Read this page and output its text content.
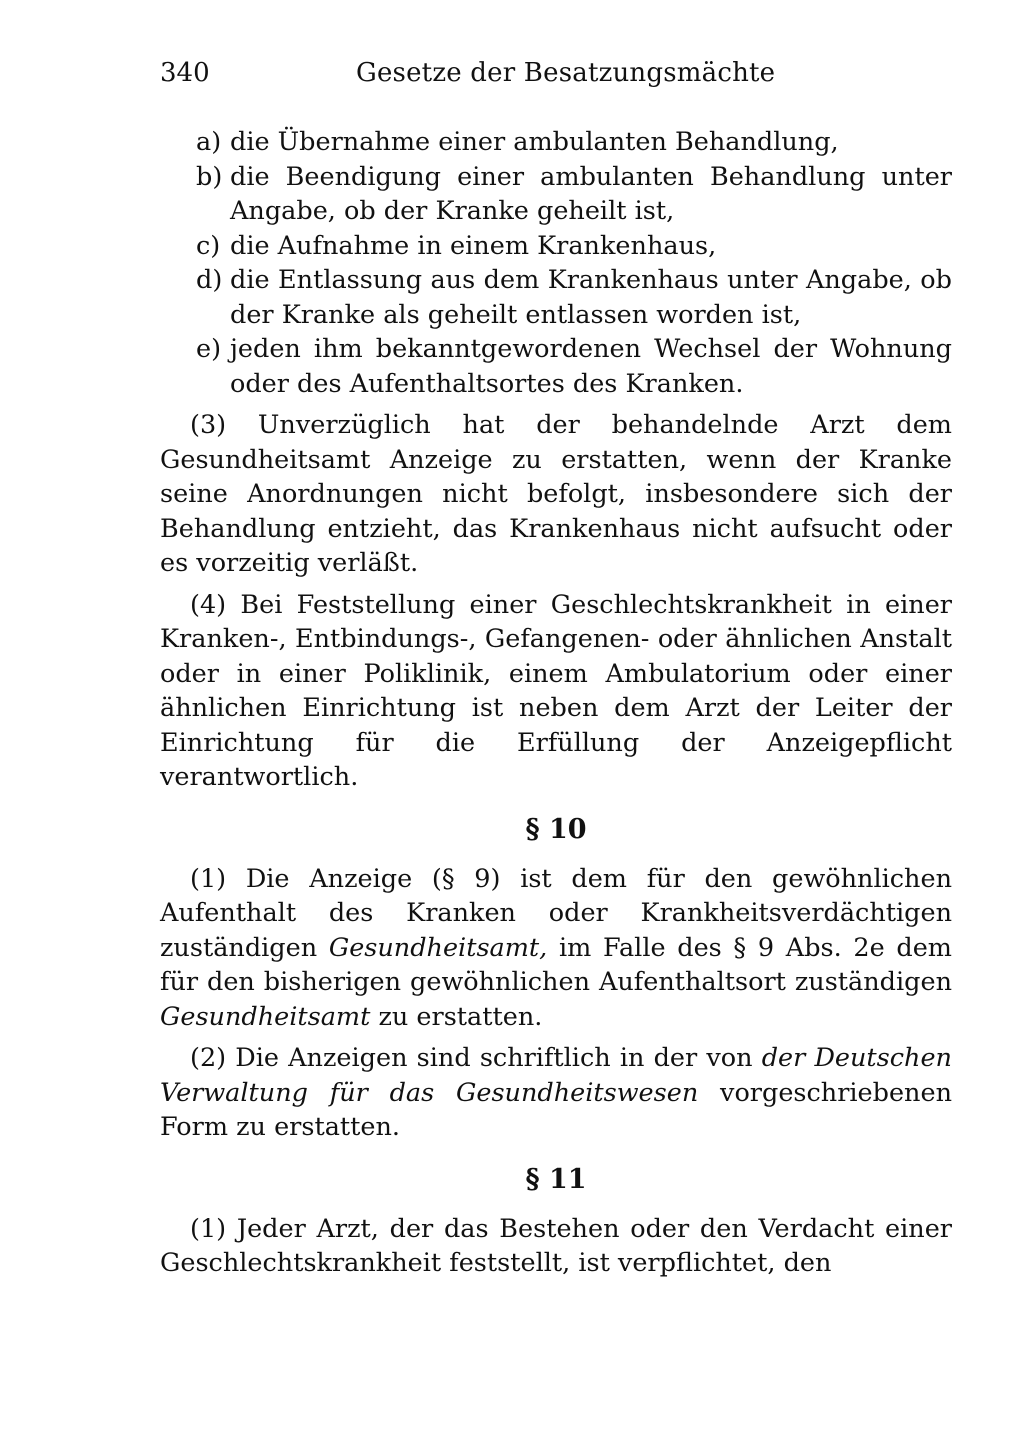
340	Gesetze der Besatzungsmächte
a) die Übernahme einer ambulanten Behandlung,
b) die Beendigung einer ambulanten Behandlung unter Angabe, ob der Kranke geheilt ist,
c) die Aufnahme in einem Krankenhaus,
d) die Entlassung aus dem Krankenhaus unter Angabe, ob der Kranke als geheilt entlassen worden ist,
e) jeden ihm bekanntgewordenen Wechsel der Wohnung oder des Aufenthaltsortes des Kranken.

(3) Unverzüglich hat der behandelnde Arzt dem Gesundheitsamt Anzeige zu erstatten, wenn der Kranke seine Anordnungen nicht befolgt, insbesondere sich der Behandlung entzieht, das Krankenhaus nicht aufsucht oder es vorzeitig verläßt.

(4) Bei Feststellung einer Geschlechtskrankheit in einer Kranken-, Entbindungs-, Gefangenen- oder ähnlichen Anstalt oder in einer Poliklinik, einem Ambulatorium oder einer ähnlichen Einrichtung ist neben dem Arzt der Leiter der Einrichtung für die Erfüllung der Anzeigepflicht verantwortlich.

§ 10

(1) Die Anzeige (§ 9) ist dem für den gewöhnlichen Aufenthalt des Kranken oder Krankheitsverdächtigen zuständigen Gesundheitsamt, im Falle des § 9 Abs. 2e dem für den bisherigen gewöhnlichen Aufenthaltsort zuständigen Gesundheitsamt zu erstatten.

(2) Die Anzeigen sind schriftlich in der von der Deutschen Verwaltung für das Gesundheitswesen vorgeschriebenen Form zu erstatten.

§ 11

(1) Jeder Arzt, der das Bestehen oder den Verdacht einer Geschlechtskrankheit feststellt, ist verpflichtet, den
